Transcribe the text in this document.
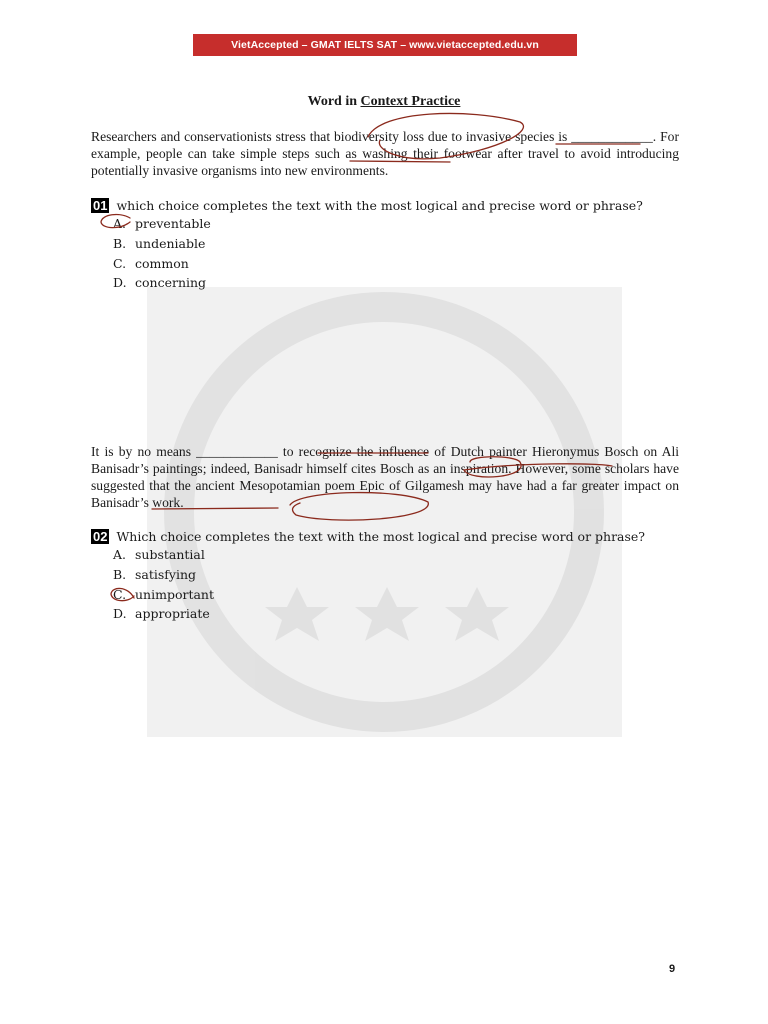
VietAccepted – GMAT IELTS SAT – www.vietaccepted.edu.vn
Word in Context Practice
Researchers and conservationists stress that biodiversity loss due to invasive species is ____________. For example, people can take simple steps such as washing their footwear after travel to avoid introducing potentially invasive organisms into new environments.
01 which choice completes the text with the most logical and precise word or phrase?
A. preventable
B. undeniable
C. common
D. concerning
It is by no means ____________ to recognize the influence of Dutch painter Hieronymus Bosch on Ali Banisadr’s paintings; indeed, Banisadr himself cites Bosch as an inspiration. However, some scholars have suggested that the ancient Mesopotamian poem Epic of Gilgamesh may have had a far greater impact on Banisadr’s work.
02 Which choice completes the text with the most logical and precise word or phrase?
A. substantial
B. satisfying
C. unimportant
D. appropriate
9
